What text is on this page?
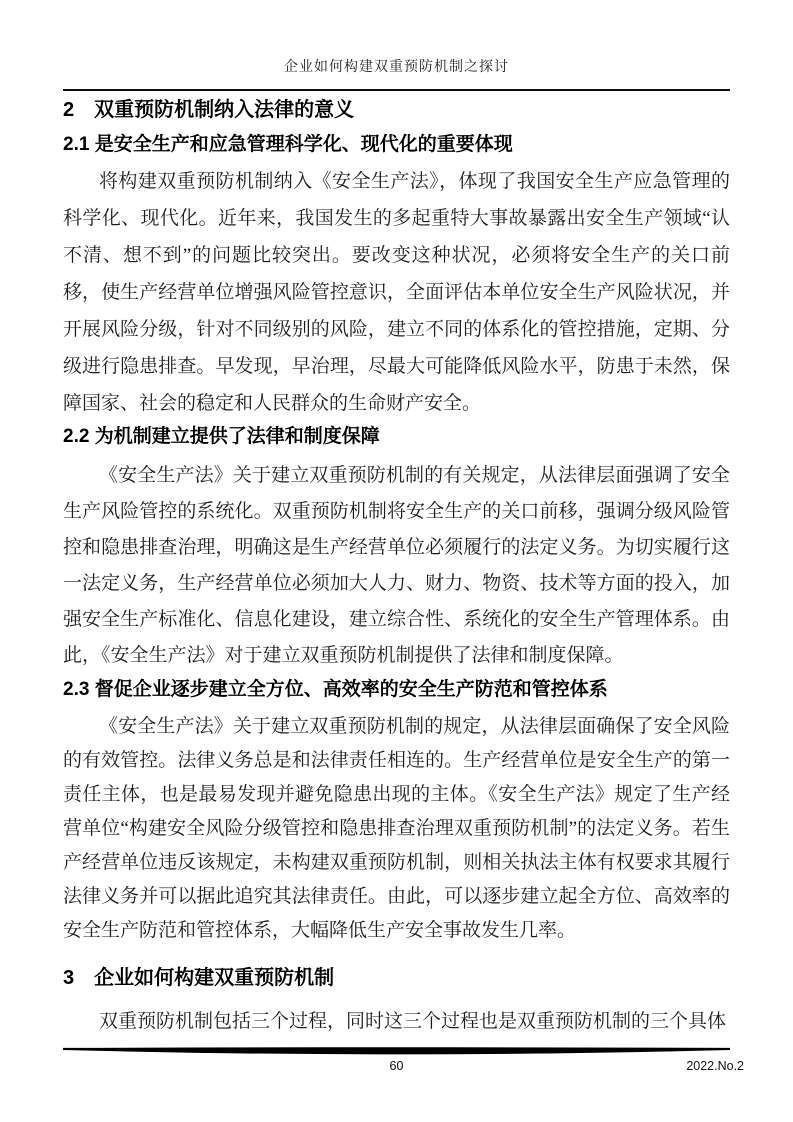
企业如何构建双重预防机制之探讨
2　双重预防机制纳入法律的意义
2.1 是安全生产和应急管理科学化、现代化的重要体现

将构建双重预防机制纳入《安全生产法》，体现了我国安全生产应急管理的科学化、现代化。近年来，我国发生的多起重特大事故暴露出安全生产领域“认不清、想不到”的问题比较突出。要改变这种状况，必须将安全生产的关口前移，使生产经营单位增强风险管控意识，全面评估本单位安全生产风险状况，并开展风险分级，针对不同级别的风险，建立不同的体系化的管控措施，定期、分级进行隐患排查。早发现，早治理，尽最大可能降低风险水平，防患于未然，保障国家、社会的稳定和人民群众的生命财产安全。

2.2 为机制建立提供了法律和制度保障

《安全生产法》关于建立双重预防机制的有关规定，从法律层面强调了安全生产风险管控的系统化。双重预防机制将安全生产的关口前移，强调分级风险管控和隐患排查治理，明确这是生产经营单位必须履行的法定义务。为切实履行这一法定义务，生产经营单位必须加大人力、财力、物资、技术等方面的投入，加强安全生产标准化、信息化建设，建立综合性、系统化的安全生产管理体系。由此，《安全生产法》对于建立双重预防机制提供了法律和制度保障。

2.3 督促企业逐步建立全方位、高效率的安全生产防范和管控体系

《安全生产法》关于建立双重预防机制的规定，从法律层面确保了安全风险的有效管控。法律义务总是和法律责任相连的。生产经营单位是安全生产的第一责任主体，也是最易发现并避免隐患出现的主体。《安全生产法》规定了生产经营单位“构建安全风险分级管控和隐患排查治理双重预防机制”的法定义务。若生产经营单位违反该规定，未构建双重预防机制，则相关执法主体有权要求其履行法律义务并可以据此追究其法律责任。由此，可以逐步建立起全方位、高效率的安全生产防范和管控体系，大幅降低生产安全事故发生几率。

3　企业如何构建双重预防机制

双重预防机制包括三个过程，同时这三个过程也是双重预防机制的三个具体

60	2022.No.2
